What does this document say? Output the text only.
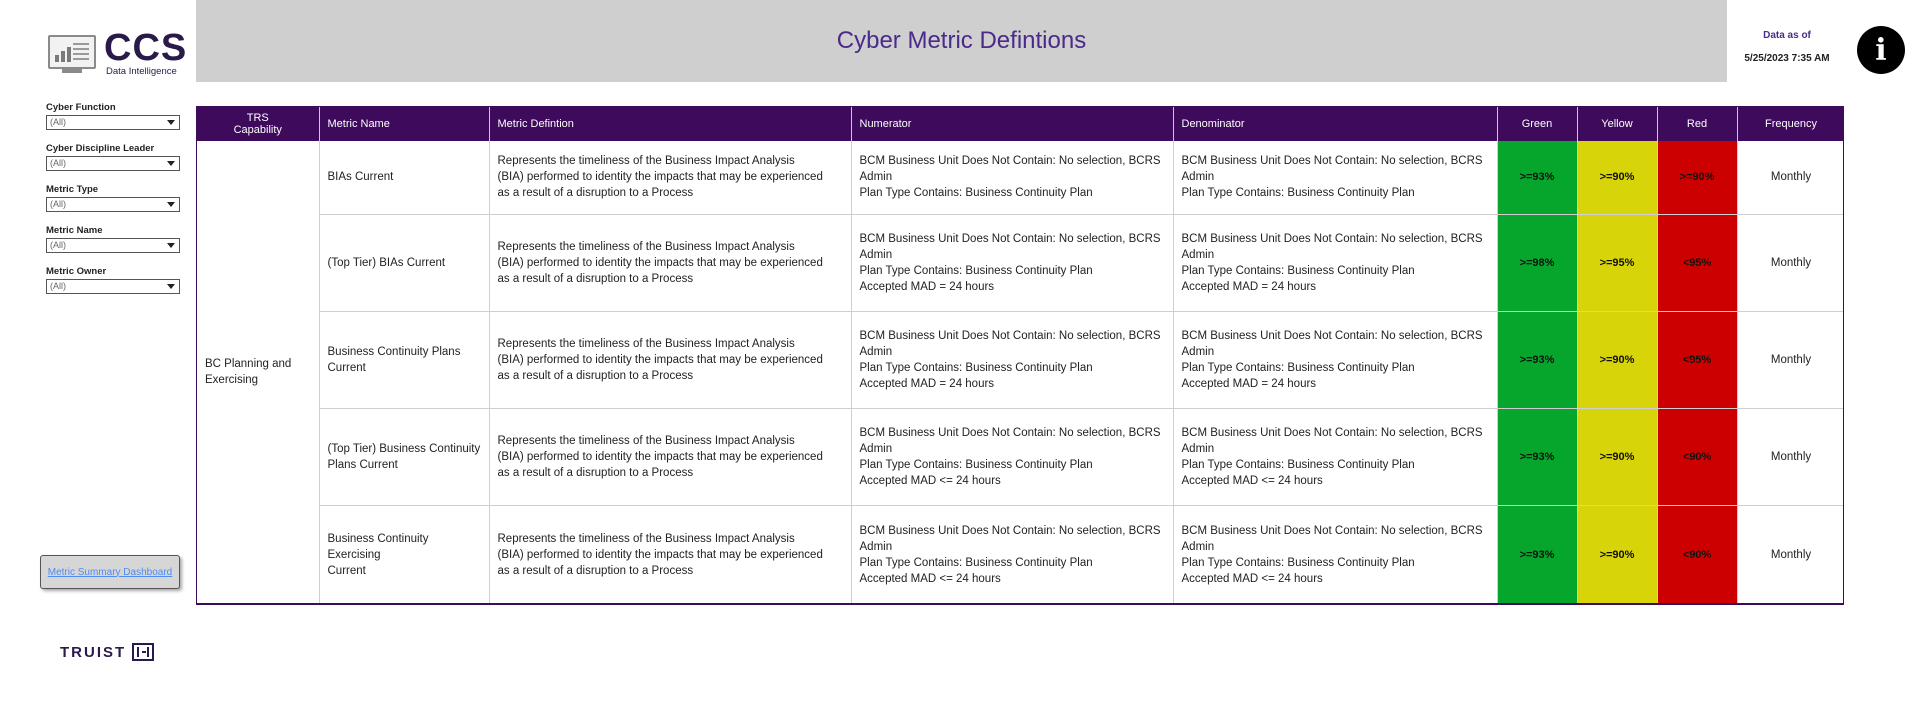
CCS
Data Intelligence
Cyber Metric Defintions	Data as of
5/25/2023 7:35 AM	i
Cyber Function
(All)
Cyber Discipline Leader
(All)
Metric Type
(All)
Metric Name
(All)
Metric Owner
(All)
Metric Summary Dashboard
TRUIST
TRS
Capability	Metric Name	Metric Defintion	Numerator	Denominator	Green	Yellow	Red	Frequency
BC Planning and
Exercising	BIAs Current	Represents the timeliness of the Business Impact Analysis
(BIA) performed to identity the impacts that may be experienced
as a result of a disruption to a Process	BCM Business Unit Does Not Contain: No selection, BCRS
Admin
Plan Type Contains: Business Continuity Plan	BCM Business Unit Does Not Contain: No selection, BCRS
Admin
Plan Type Contains: Business Continuity Plan	>=93%	>=90%	>=90%	Monthly
	(Top Tier) BIAs Current	Represents the timeliness of the Business Impact Analysis
(BIA) performed to identity the impacts that may be experienced
as a result of a disruption to a Process	BCM Business Unit Does Not Contain: No selection, BCRS
Admin
Plan Type Contains: Business Continuity Plan
Accepted MAD = 24 hours	BCM Business Unit Does Not Contain: No selection, BCRS
Admin
Plan Type Contains: Business Continuity Plan
Accepted MAD = 24 hours	>=98%	>=95%	<95%	Monthly
	Business Continuity Plans
Current	Represents the timeliness of the Business Impact Analysis
(BIA) performed to identity the impacts that may be experienced
as a result of a disruption to a Process	BCM Business Unit Does Not Contain: No selection, BCRS
Admin
Plan Type Contains: Business Continuity Plan
Accepted MAD = 24 hours	BCM Business Unit Does Not Contain: No selection, BCRS
Admin
Plan Type Contains: Business Continuity Plan
Accepted MAD = 24 hours	>=93%	>=90%	<95%	Monthly
	(Top Tier) Business Continuity
Plans Current	Represents the timeliness of the Business Impact Analysis
(BIA) performed to identity the impacts that may be experienced
as a result of a disruption to a Process	BCM Business Unit Does Not Contain: No selection, BCRS
Admin
Plan Type Contains: Business Continuity Plan
Accepted MAD <= 24 hours	BCM Business Unit Does Not Contain: No selection, BCRS
Admin
Plan Type Contains: Business Continuity Plan
Accepted MAD <= 24 hours	>=93%	>=90%	<90%	Monthly
	Business Continuity Exercising
Current	Represents the timeliness of the Business Impact Analysis
(BIA) performed to identity the impacts that may be experienced
as a result of a disruption to a Process	BCM Business Unit Does Not Contain: No selection, BCRS
Admin
Plan Type Contains: Business Continuity Plan
Accepted MAD <= 24 hours	BCM Business Unit Does Not Contain: No selection, BCRS
Admin
Plan Type Contains: Business Continuity Plan
Accepted MAD <= 24 hours	>=93%	>=90%	<90%	Monthly
